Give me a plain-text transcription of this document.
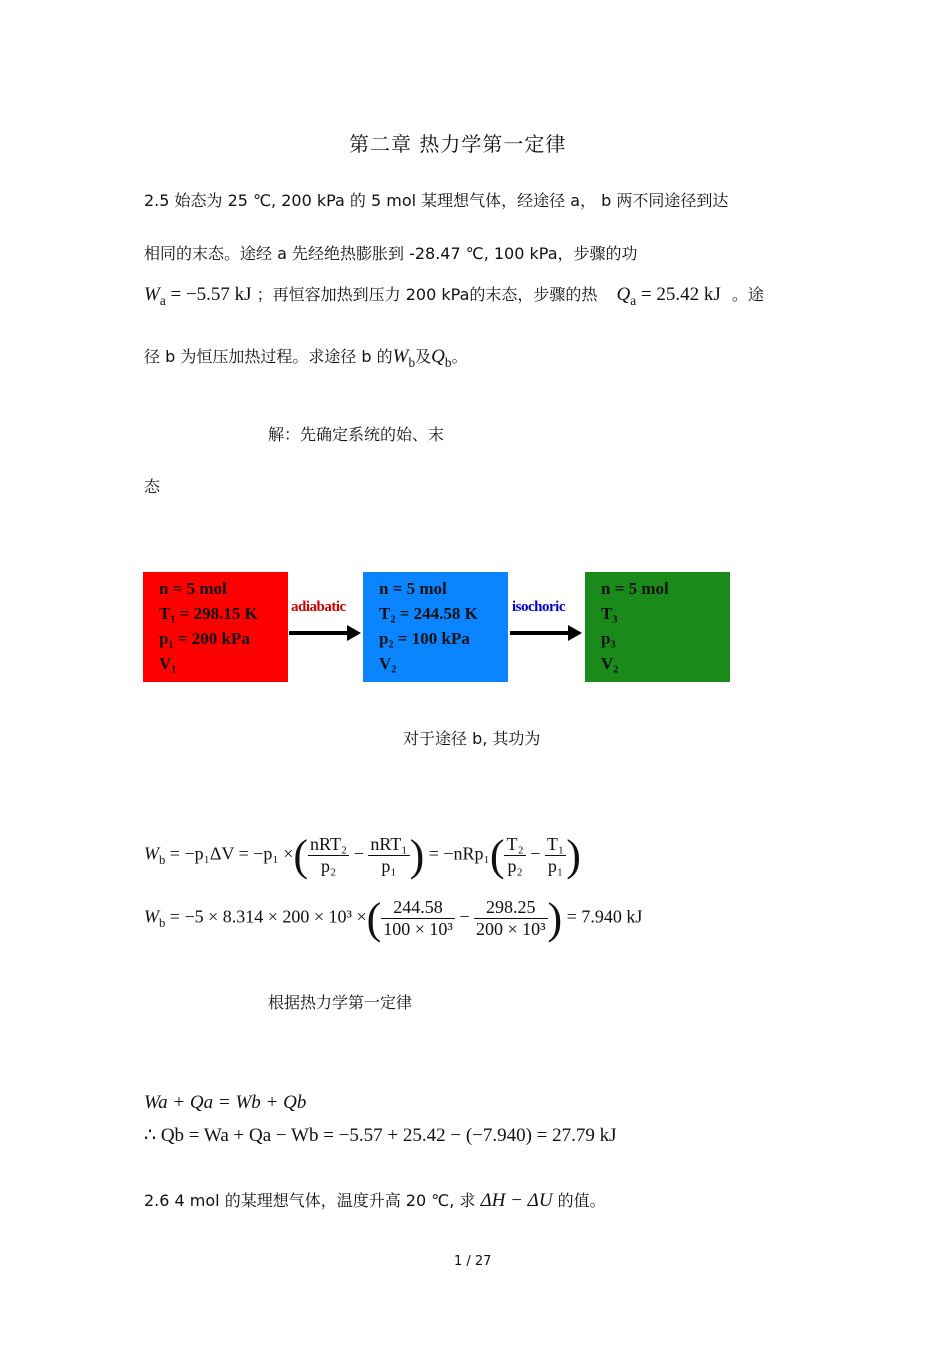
第二章 热力学第一定律
2.5 始态为 25 ℃, 200 kPa 的 5 mol 某理想气体，经途径 a， b 两不同途径到达
相同的末态。途经 a 先经绝热膨胀到 -28.47 ℃, 100 kPa，步骤的功
$W_a = -5.57$ kJ ；再恒容加热到压力 200 kPa的末态，步骤的热 $Q_a = 25.42$ kJ 。途
径 b 为恒压加热过程。求途径 b 的$W_b$及$Q_b$。
解：先确定系统的始、末
态
n = 5 mol
T₁ = 298.15 K
p₁ = 200 kPa
V₁
adiabatic
n = 5 mol
T₂ = 244.58 K
p₂ = 100 kPa
V₂
isochoric
n = 5 mol
T₃
p₃
V₂
对于途径 b, 其功为
$W_b = -p_1\Delta V = -p_1$ ×( $\frac{\text{nRT₂}}{\text{p₂}} - \frac{\text{nRT₁}}{\text{p₁}}$ ) = $-nRp_1( \frac{\text{T₂}}{\text{p₂}} - \frac{\text{T₁}}{\text{p₁}}$ )
$W_b = -5 \times 8.314 \times 200 \times 10^3$ ×( $\frac{244.58}{\text{100 × 10³}} - \frac{298.25}{\text{200 × 10³}}$ ) = 7.940 kJ
根据热力学第一定律
Wa + Qa = Wb + Qb
∴ Qb = Wa + Qa − Wb = −5.57 + 25.42 − (−7.940) = 27.79 kJ
2.6 4 mol 的某理想气体，温度升高 20 ℃, 求 ΔH − ΔU 的值。
1 / 27
